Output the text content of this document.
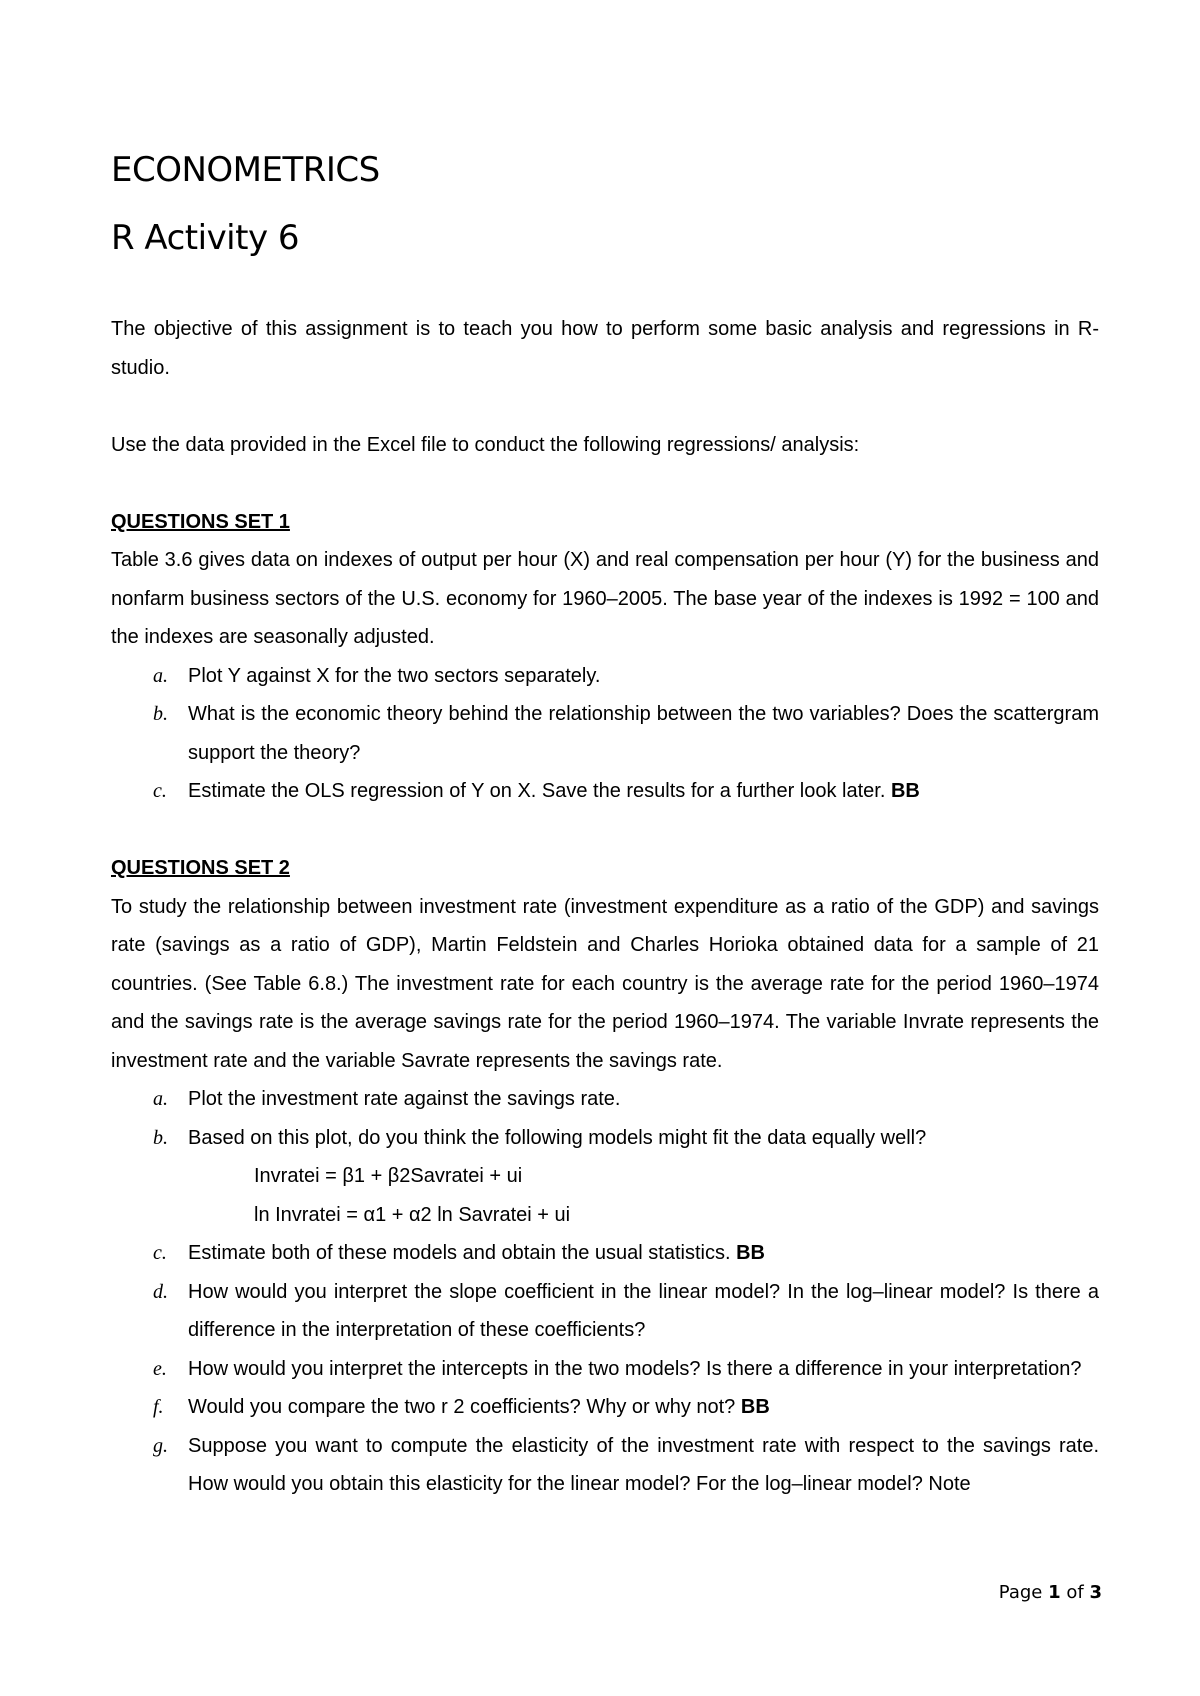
ECONOMETRICS
R Activity 6

The objective of this assignment is to teach you how to perform some basic analysis and regressions in R-studio.

Use the data provided in the Excel file to conduct the following regressions/ analysis:

QUESTIONS SET 1

Table 3.6 gives data on indexes of output per hour (X) and real compensation per hour (Y) for the business and nonfarm business sectors of the U.S. economy for 1960–2005. The base year of the indexes is 1992 = 100 and the indexes are seasonally adjusted.

a. Plot Y against X for the two sectors separately.
b. What is the economic theory behind the relationship between the two variables? Does the scattergram support the theory?
c. Estimate the OLS regression of Y on X. Save the results for a further look later. BB

QUESTIONS SET 2

To study the relationship between investment rate (investment expenditure as a ratio of the GDP) and savings rate (savings as a ratio of GDP), Martin Feldstein and Charles Horioka obtained data for a sample of 21 countries. (See Table 6.8.) The investment rate for each country is the average rate for the period 1960–1974 and the savings rate is the average savings rate for the period 1960–1974. The variable Invrate represents the investment rate and the variable Savrate represents the savings rate.

a. Plot the investment rate against the savings rate.
b. Based on this plot, do you think the following models might fit the data equally well?

Invratei = β1 + β2Savratei + ui

ln Invratei = α1 + α2 ln Savratei + ui

c. Estimate both of these models and obtain the usual statistics. BB
d. How would you interpret the slope coefficient in the linear model? In the log–linear model? Is there a difference in the interpretation of these coefficients?
e. How would you interpret the intercepts in the two models? Is there a difference in your interpretation?
f. Would you compare the two r 2 coefficients? Why or why not? BB
g. Suppose you want to compute the elasticity of the investment rate with respect to the savings rate. How would you obtain this elasticity for the linear model? For the log–linear model? Note
Page 1 of 3
